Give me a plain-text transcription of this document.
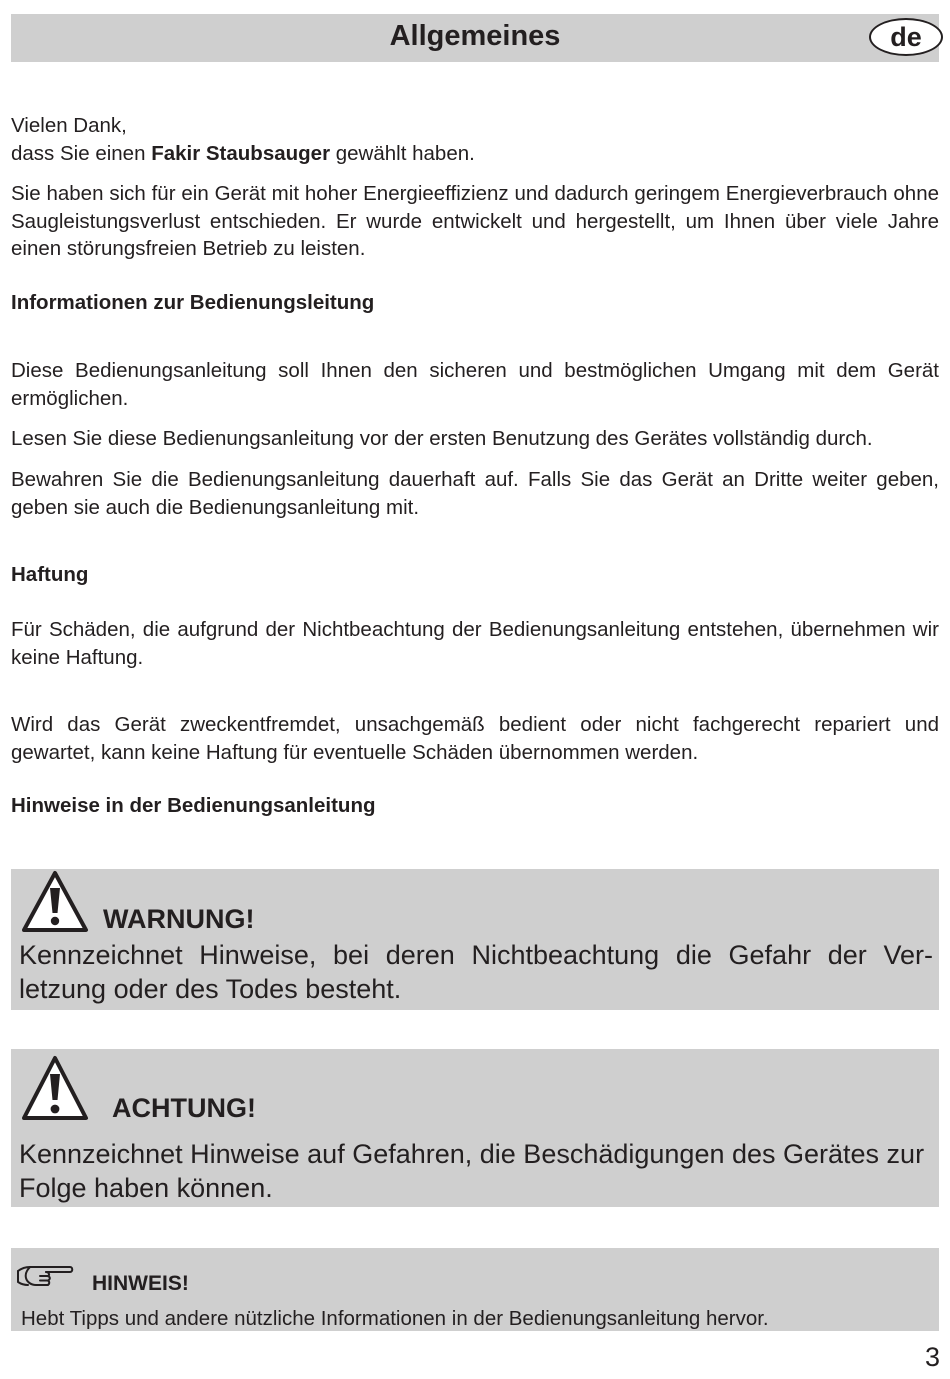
Allgemeines	de

Vielen Dank,
dass Sie einen Fakir Staubsauger gewählt haben.

Sie haben sich für ein Gerät mit hoher Energieeffizienz und dadurch geringem Energieverbrauch ohne Saugleistungsverlust entschieden. Er wurde entwickelt und hergestellt, um Ihnen über viele Jahre einen störungsfreien Betrieb zu leisten.

Informationen zur Bedienungsleitung

Diese Bedienungsanleitung soll Ihnen den sicheren und bestmöglichen Umgang mit dem Gerät ermöglichen.

Lesen Sie diese Bedienungsanleitung vor der ersten Benutzung des Gerätes vollständig durch.

Bewahren Sie die Bedienungsanleitung dauerhaft auf. Falls Sie das Gerät an Dritte weiter geben, geben sie auch die Bedienungsanleitung mit.

Haftung

Für Schäden, die aufgrund der Nichtbeachtung der Bedienungsanleitung entstehen, übernehmen wir keine Haftung.

Wird das Gerät zweckentfremdet, unsachgemäß bedient oder nicht fachgerecht repariert und gewartet, kann keine Haftung für eventuelle Schäden übernommen werden.

Hinweise in der Bedienungsanleitung
WARNUNG!

Kennzeichnet Hinweise, bei deren Nichtbeachtung die Gefahr der Verletzung oder des Todes besteht.

ACHTUNG!

Kennzeichnet Hinweise auf Gefahren, die Beschädigungen des Gerätes zur Folge haben können.

HINWEIS!

Hebt Tipps und andere nützliche Informationen in der Bedienungsanleitung hervor.

3
